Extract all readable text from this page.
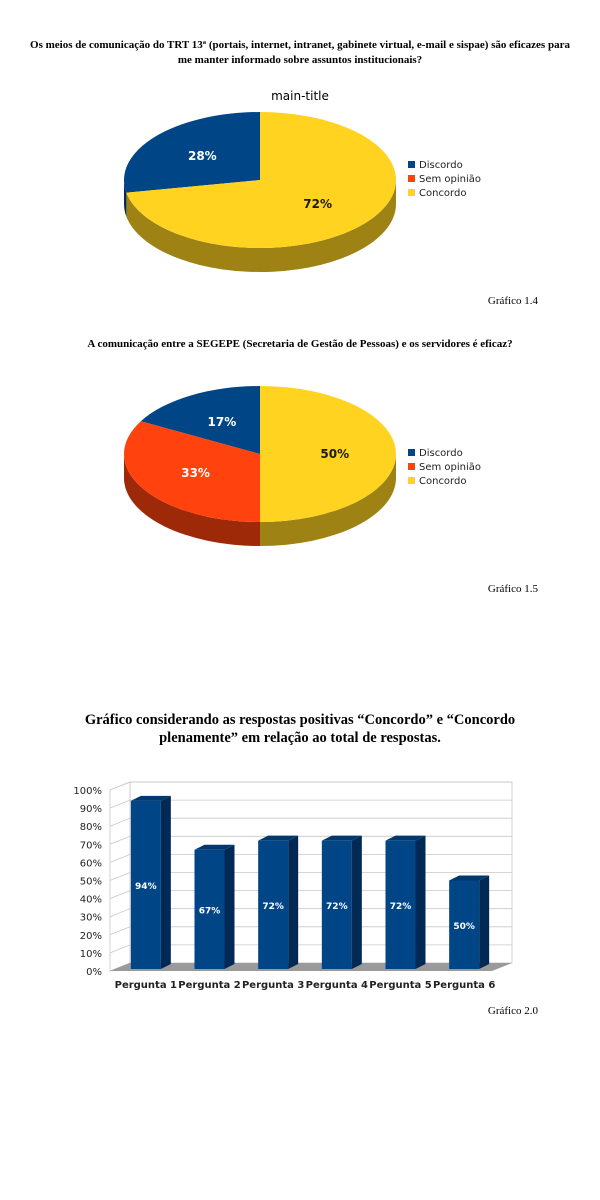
Os meios de comunicação do TRT 13ª (portais, internet, intranet, gabinete virtual, e-mail e sispae) são eficazes para me manter informado sobre assuntos institucionais?
main-title
28%
72%
Discordo
Sem opinião
Concordo
Gráfico 1.4
A comunicação entre a SEGEPE (Secretaria de Gestão de Pessoas) e os servidores é eficaz?
17%
33%
50%	Discordo
Sem opinião
Concordo
Gráfico 1.5
Gráfico considerando as respostas positivas “Concordo” e “Concordo plenamente” em relação ao total de respostas.
0%
10%
20%
30%
40%
50%
60%
70%
80%
90%
100%
94%
Pergunta 1
67%
Pergunta 2
72%
Pergunta 3
72%
Pergunta 4
72%
Pergunta 5
50%
Pergunta 6
Gráfico 2.0
